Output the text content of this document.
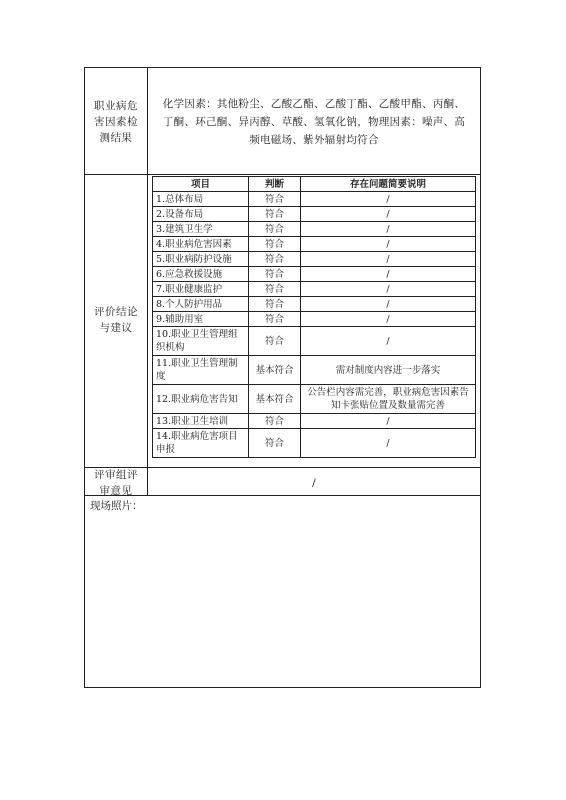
职业病危
害因素检
测结果
化学因素：其他粉尘、乙酸乙酯、乙酸丁酯、乙酸甲酯、丙酮、
丁酮、环己酮、异丙醇、草酸、氢氧化钠，物理因素：噪声、高
频电磁场、紫外辐射均符合
评价结论
与建议
项目	判断	存在问题简要说明
1.总体布局	符合	/
2.设备布局	符合	/
3.建筑卫生学	符合	/
4.职业病危害因素	符合	/
5.职业病防护设施	符合	/
6.应急救援设施	符合	/
7.职业健康监护	符合	/
8.个人防护用品	符合	/
9.辅助用室	符合	/
10.职业卫生管理组织机构	符合	/
11.职业卫生管理制度	基本符合	需对制度内容进一步落实
12.职业病危害告知	基本符合	公告栏内容需完善，职业病危害因素告知卡张贴位置及数量需完善
13.职业卫生培训	符合	/
14.职业病危害项目申报	符合	/
评审组评
审意见
/
现场照片：
